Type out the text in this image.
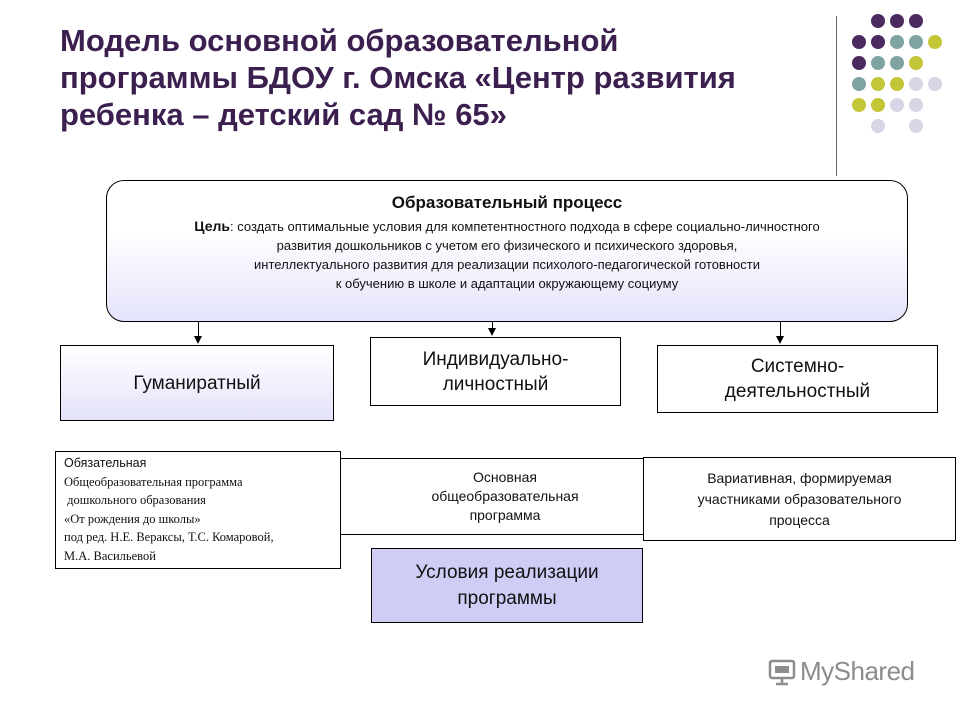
Модель основной образовательной
программы БДОУ г. Омска «Центр развития
ребенка – детский сад № 65»
Образовательный процесс
Цель: создать оптимальные условия для компетентностного подхода в сфере социально-личностного
развития дошкольников с учетом его физического и психического здоровья,
интеллектуального развития для реализации психолого-педагогической готовности
к обучению в школе и адаптации окружающему социуму
Гуманиратный
Индивидуально-
личностный
Системно-
деятельностный
Основная
общеобразовательная
программа
Обязательная
Общеобразовательная программа
дошкольного образования
«От рождения до школы»
под ред. Н.Е. Вераксы, Т.С. Комаровой,
М.А. Васильевой
Вариативная, формируемая
участниками образовательного
процесса
Условия реализации
программы
MyShared
